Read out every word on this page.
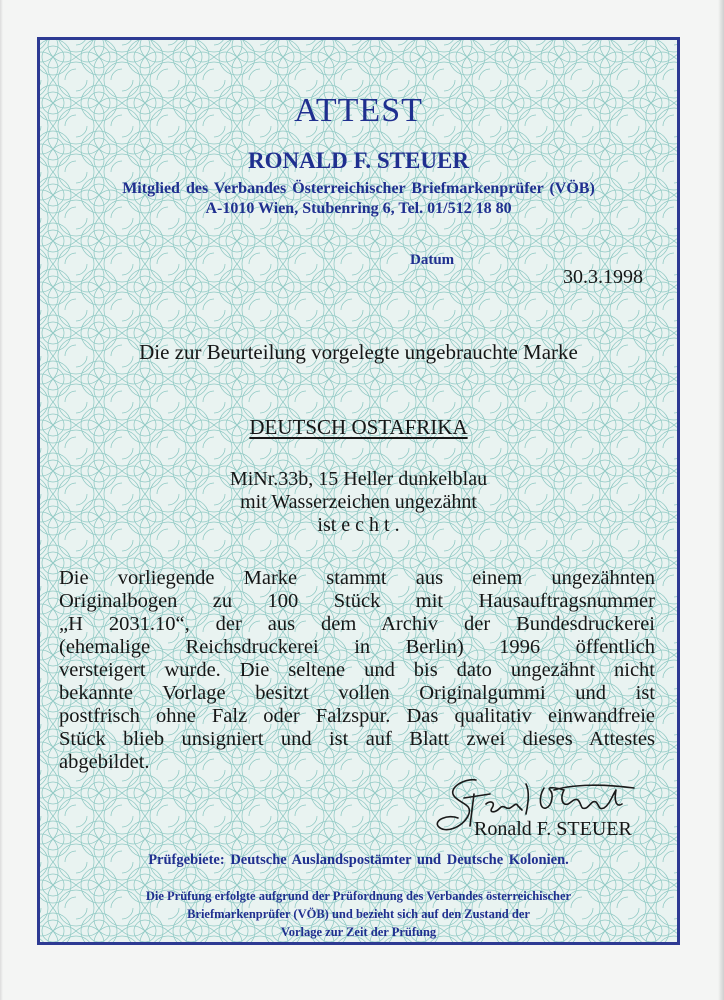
ATTEST
RONALD F. STEUER
Mitglied des Verbandes Österreichischer Briefmarkenprüfer (VÖB)
A-1010 Wien, Stubenring 6, Tel. 01/512 18 80
Datum
30.3.1998
Die zur Beurteilung vorgelegte ungebrauchte Marke
DEUTSCH OSTAFRIKA
MiNr.33b, 15 Heller dunkelblau
mit Wasserzeichen ungezähnt
ist e c h t .
Die vorliegende Marke stammt aus einem ungezähnten
Originalbogen zu 100 Stück mit Hausauftragsnummer
„H 2031.10“, der aus dem Archiv der Bundesdruckerei
(ehemalige Reichsdruckerei in Berlin) 1996 öffentlich
versteigert wurde. Die seltene und bis dato ungezähnt nicht
bekannte Vorlage besitzt vollen Originalgummi und ist
postfrisch ohne Falz oder Falzspur. Das qualitativ einwandfreie
Stück blieb unsigniert und ist auf Blatt zwei dieses Attestes
abgebildet.
Ronald F. STEUER
Prüfgebiete: Deutsche Auslandspostämter und Deutsche Kolonien.
Die Prüfung erfolgte aufgrund der Prüfordnung des Verbandes österreichischer
Briefmarkenprüfer (VÖB) und bezieht sich auf den Zustand der
Vorlage zur Zeit der Prüfung
